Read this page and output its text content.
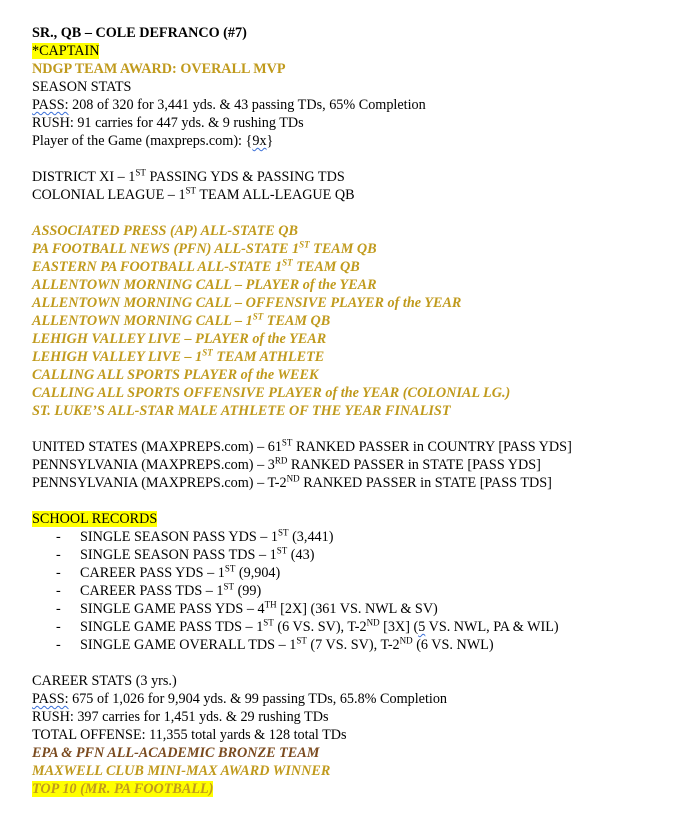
SR., QB – COLE DEFRANCO (#7)
*CAPTAIN
NDGP TEAM AWARD: OVERALL MVP
SEASON STATS
PASS: 208 of 320 for 3,441 yds. & 43 passing TDs, 65% Completion
RUSH: 91 carries for 447 yds. & 9 rushing TDs
Player of the Game (maxpreps.com): {9x}
DISTRICT XI – 1ST PASSING YDS & PASSING TDS
COLONIAL LEAGUE – 1ST TEAM ALL-LEAGUE QB
ASSOCIATED PRESS (AP) ALL-STATE QB
PA FOOTBALL NEWS (PFN) ALL-STATE 1ST TEAM QB
EASTERN PA FOOTBALL ALL-STATE 1ST TEAM QB
ALLENTOWN MORNING CALL – PLAYER of the YEAR
ALLENTOWN MORNING CALL – OFFENSIVE PLAYER of the YEAR
ALLENTOWN MORNING CALL – 1ST TEAM QB
LEHIGH VALLEY LIVE – PLAYER of the YEAR
LEHIGH VALLEY LIVE – 1ST TEAM ATHLETE
CALLING ALL SPORTS PLAYER of the WEEK
CALLING ALL SPORTS OFFENSIVE PLAYER of the YEAR (COLONIAL LG.)
ST. LUKE’S ALL-STAR MALE ATHLETE OF THE YEAR FINALIST
UNITED STATES (MAXPREPS.com) – 61ST RANKED PASSER in COUNTRY [PASS YDS]
PENNSYLVANIA (MAXPREPS.com) – 3RD RANKED PASSER in STATE [PASS YDS]
PENNSYLVANIA (MAXPREPS.com) – T-2ND RANKED PASSER in STATE [PASS TDS]
SCHOOL RECORDS
- SINGLE SEASON PASS YDS – 1ST (3,441)
- SINGLE SEASON PASS TDS – 1ST (43)
- CAREER PASS YDS – 1ST (9,904)
- CAREER PASS TDS – 1ST (99)
- SINGLE GAME PASS YDS – 4TH [2X] (361 VS. NWL & SV)
- SINGLE GAME PASS TDS – 1ST (6 VS. SV), T-2ND [3X] (5 VS. NWL, PA & WIL)
- SINGLE GAME OVERALL TDS – 1ST (7 VS. SV), T-2ND (6 VS. NWL)
CAREER STATS (3 yrs.)
PASS: 675 of 1,026 for 9,904 yds. & 99 passing TDs, 65.8% Completion
RUSH: 397 carries for 1,451 yds. & 29 rushing TDs
TOTAL OFFENSE: 11,355 total yards & 128 total TDs
EPA & PFN ALL-ACADEMIC BRONZE TEAM
MAXWELL CLUB MINI-MAX AWARD WINNER
TOP 10 (MR. PA FOOTBALL)
